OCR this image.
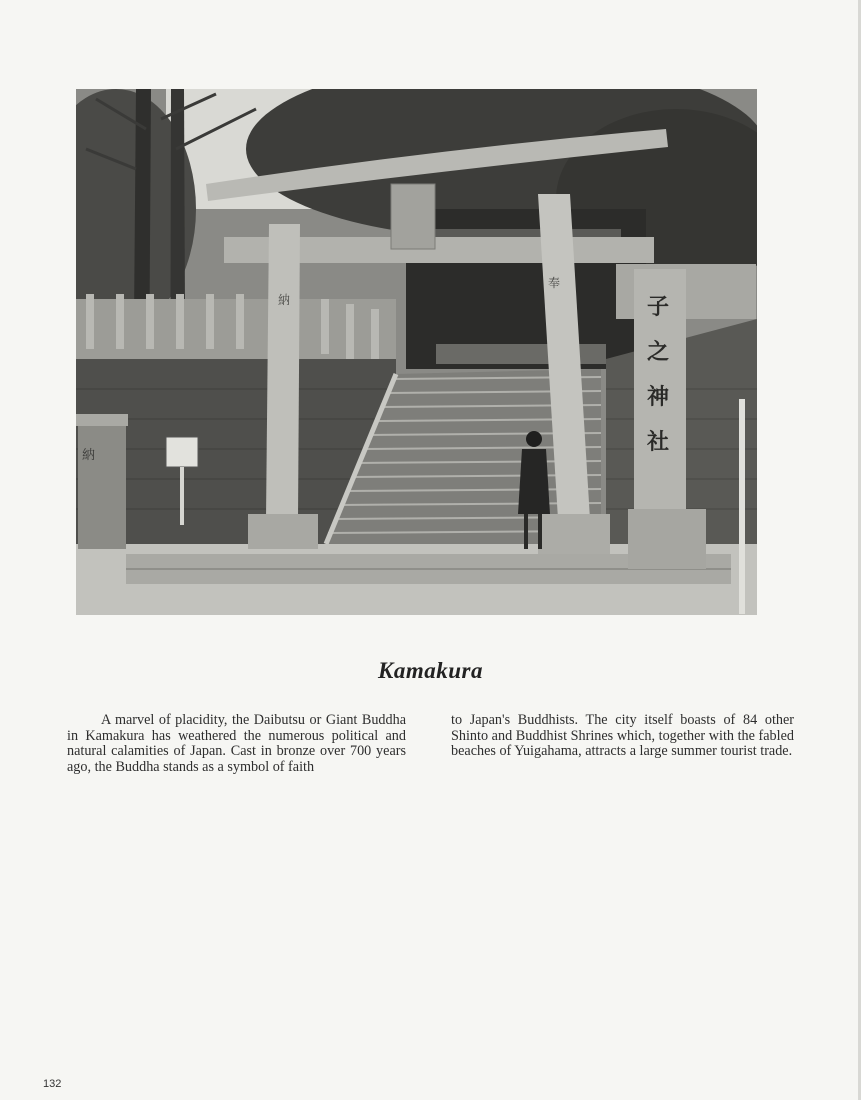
納
納
奉
子
之
神
社
Kamakura
A marvel of placidity, the Daibutsu or Giant Buddha in Kamakura has weathered the numerous political and natural calamities of Japan. Cast in bronze over 700 years ago, the Buddha stands as a symbol of faith
to Japan's Buddhists. The city itself boasts of 84 other Shinto and Buddhist Shrines which, together with the fabled beaches of Yuigahama, attracts a large summer tourist trade.
132
